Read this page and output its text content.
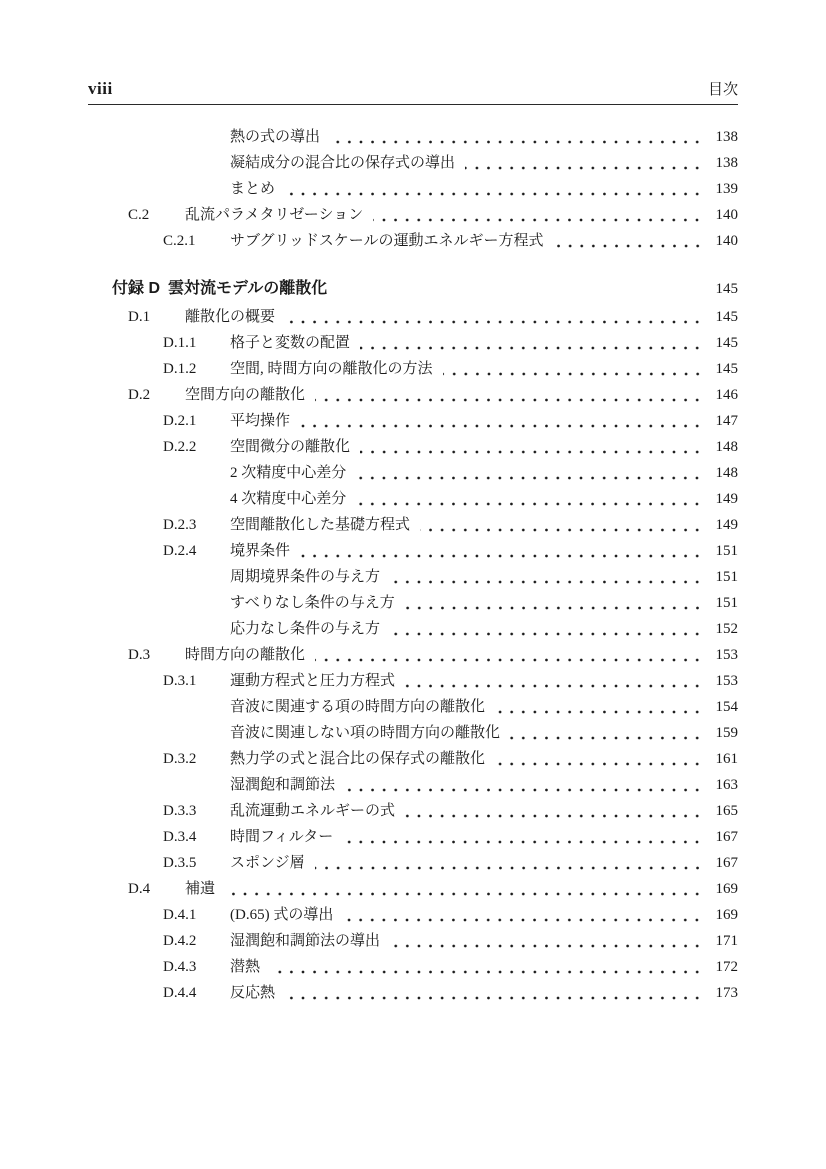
viii	目次
熱の式の導出	138
凝結成分の混合比の保存式の導出	138
まとめ	139
C.2	乱流パラメタリゼーション	140
C.2.1	サブグリッドスケールの運動エネルギー方程式	140
付録 D 雲対流モデルの離散化	145
D.1	離散化の概要	145
D.1.1	格子と変数の配置	145
D.1.2	空間, 時間方向の離散化の方法	145
D.2	空間方向の離散化	146
D.2.1	平均操作	147
D.2.2	空間微分の離散化	148
2 次精度中心差分	148
4 次精度中心差分	149
D.2.3	空間離散化した基礎方程式	149
D.2.4	境界条件	151
周期境界条件の与え方	151
すべりなし条件の与え方	151
応力なし条件の与え方	152
D.3	時間方向の離散化	153
D.3.1	運動方程式と圧力方程式	153
音波に関連する項の時間方向の離散化	154
音波に関連しない項の時間方向の離散化	159
D.3.2	熱力学の式と混合比の保存式の離散化	161
湿潤飽和調節法	163
D.3.3	乱流運動エネルギーの式	165
D.3.4	時間フィルター	167
D.3.5	スポンジ層	167
D.4	補遺	169
D.4.1	(D.65) 式の導出	169
D.4.2	湿潤飽和調節法の導出	171
D.4.3	潜熱	172
D.4.4	反応熱	173
